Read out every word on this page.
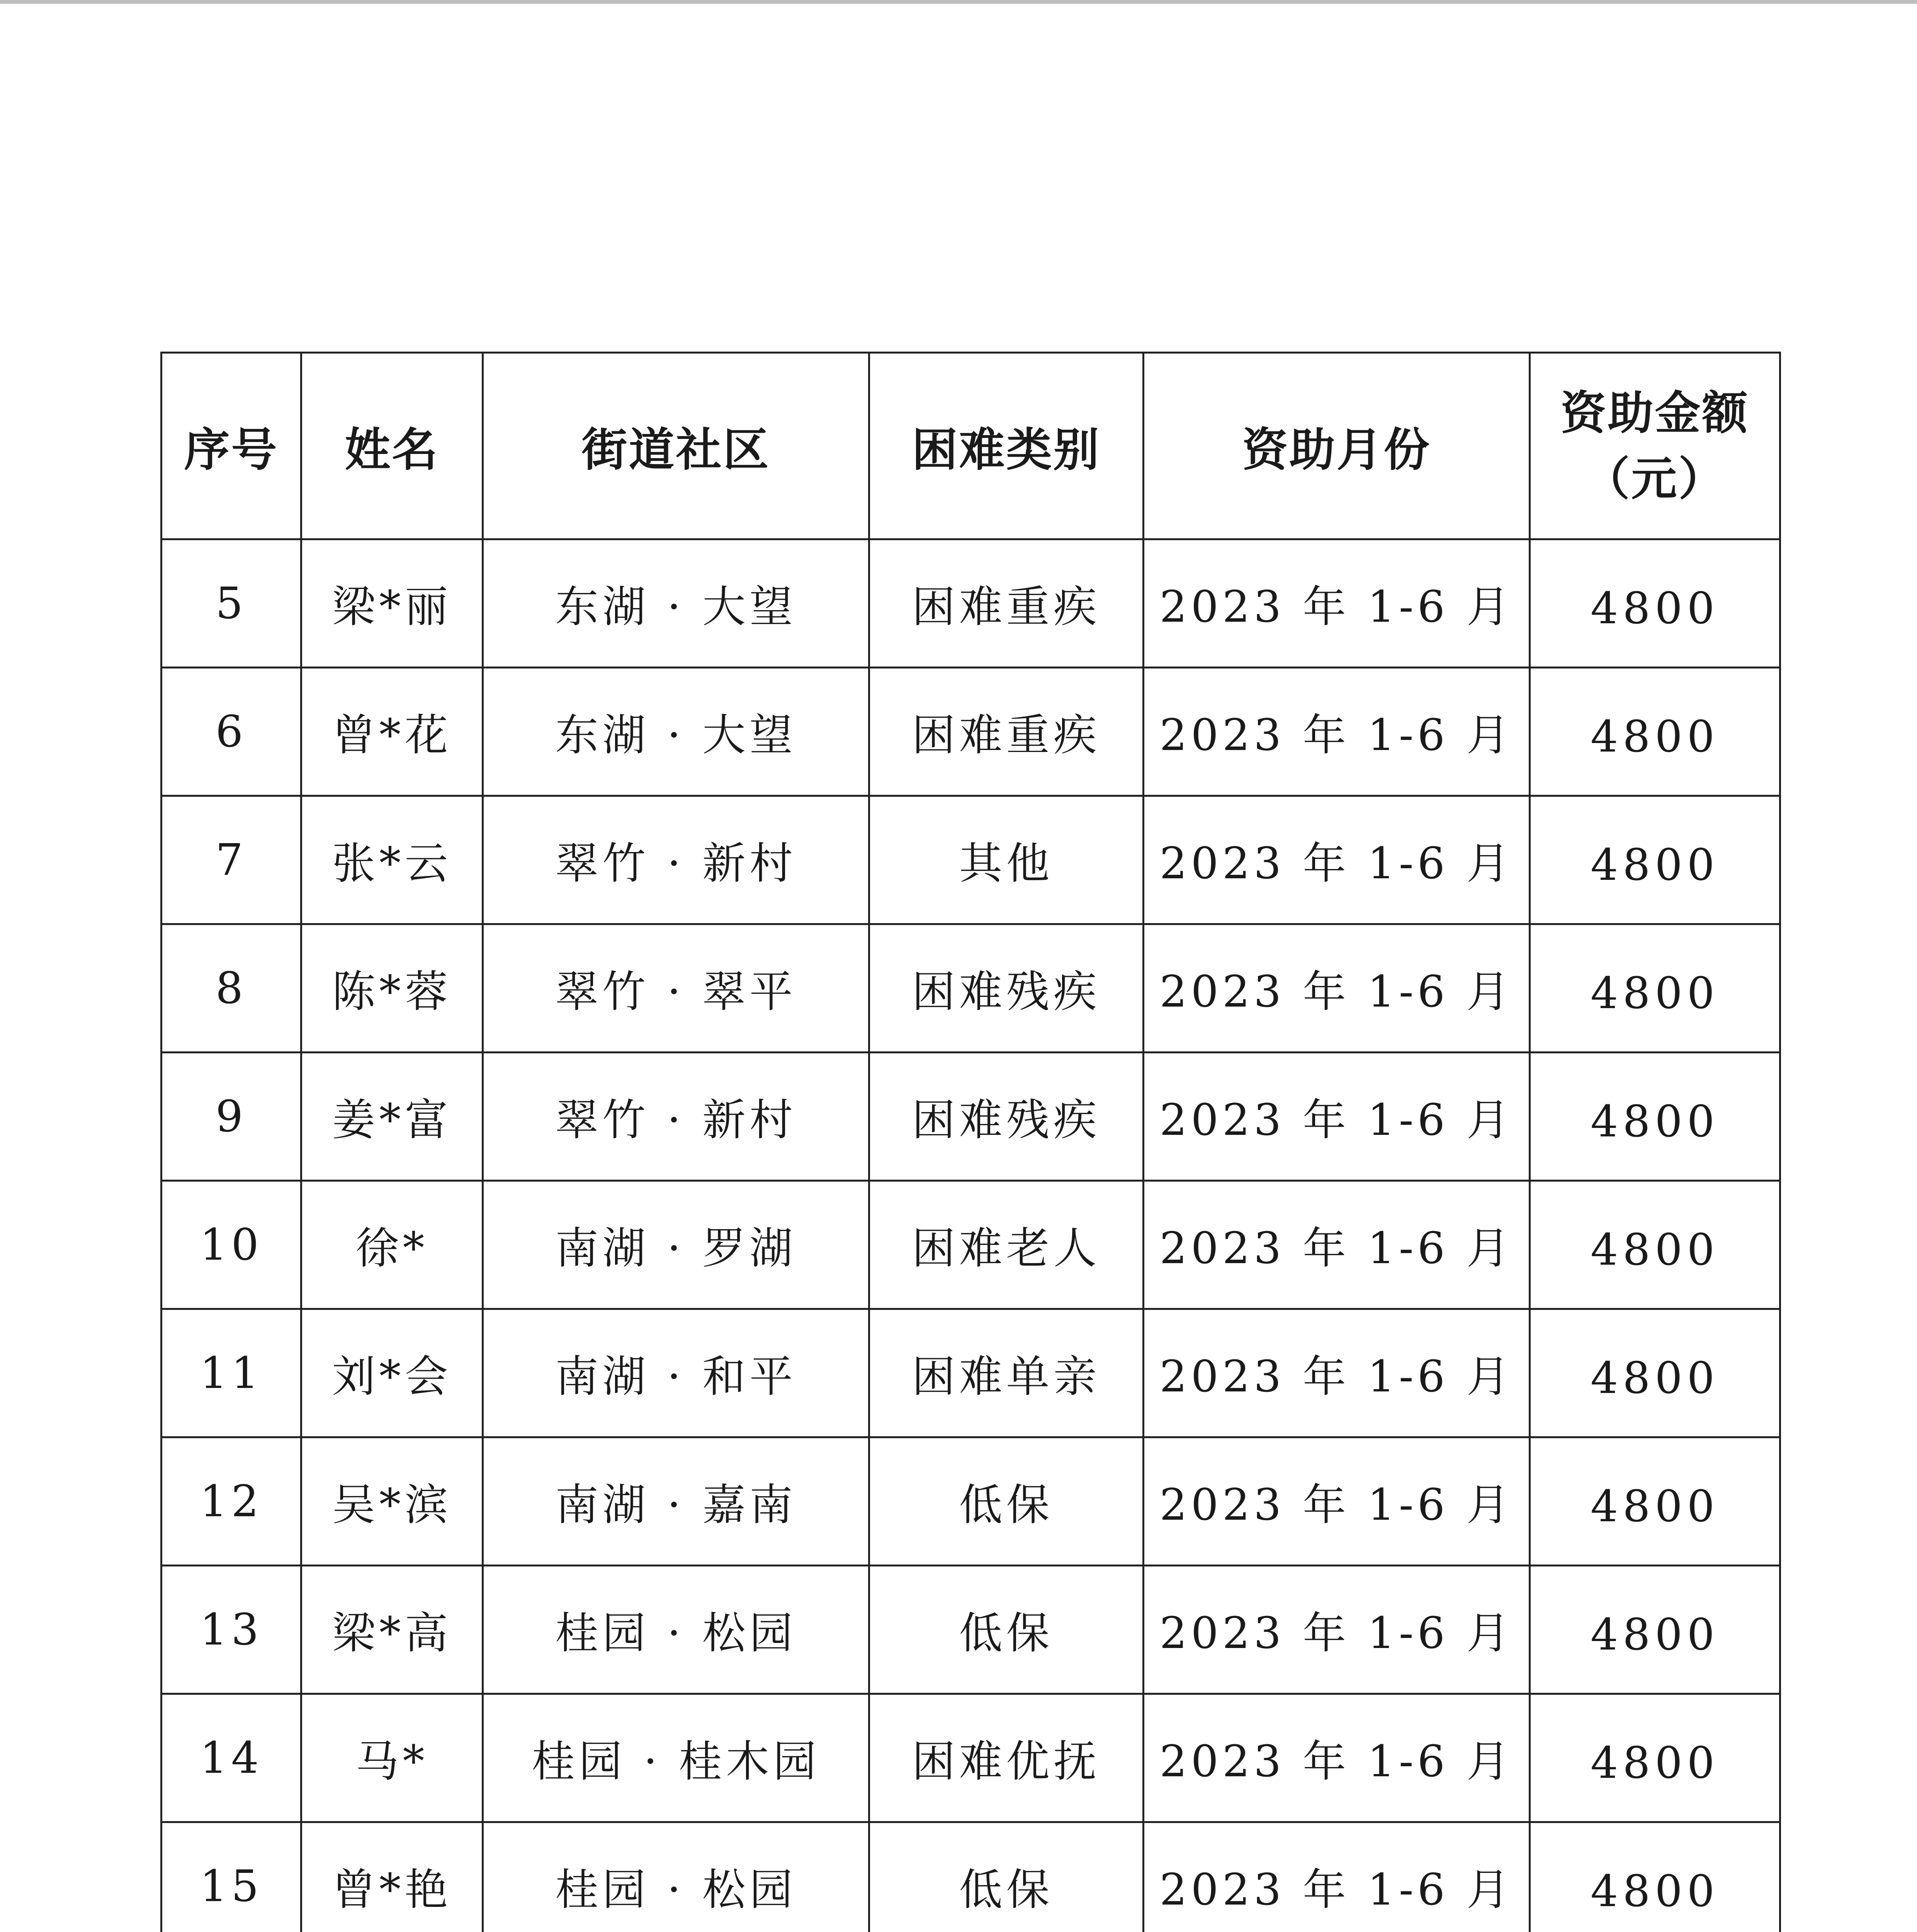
序号	姓名	街道社区	困难类别	资助月份	资助金额
（元）

5	梁*丽	东湖 · 大望	困难重疾	2023 年 1-6 月	4800
6	曾*花	东湖 · 大望	困难重疾	2023 年 1-6 月	4800
7	张*云	翠竹 · 新村	其他	2023 年 1-6 月	4800
8	陈*蓉	翠竹 · 翠平	困难残疾	2023 年 1-6 月	4800
9	姜*富	翠竹 · 新村	困难残疾	2023 年 1-6 月	4800
10	徐*	南湖 · 罗湖	困难老人	2023 年 1-6 月	4800
11	刘*会	南湖 · 和平	困难单亲	2023 年 1-6 月	4800
12	吴*滨	南湖 · 嘉南	低保	2023 年 1-6 月	4800
13	梁*高	桂园 · 松园	低保	2023 年 1-6 月	4800
14	马*	桂园 · 桂木园	困难优抚	2023 年 1-6 月	4800
15	曾*艳	桂园 · 松园	低保	2023 年 1-6 月	4800
